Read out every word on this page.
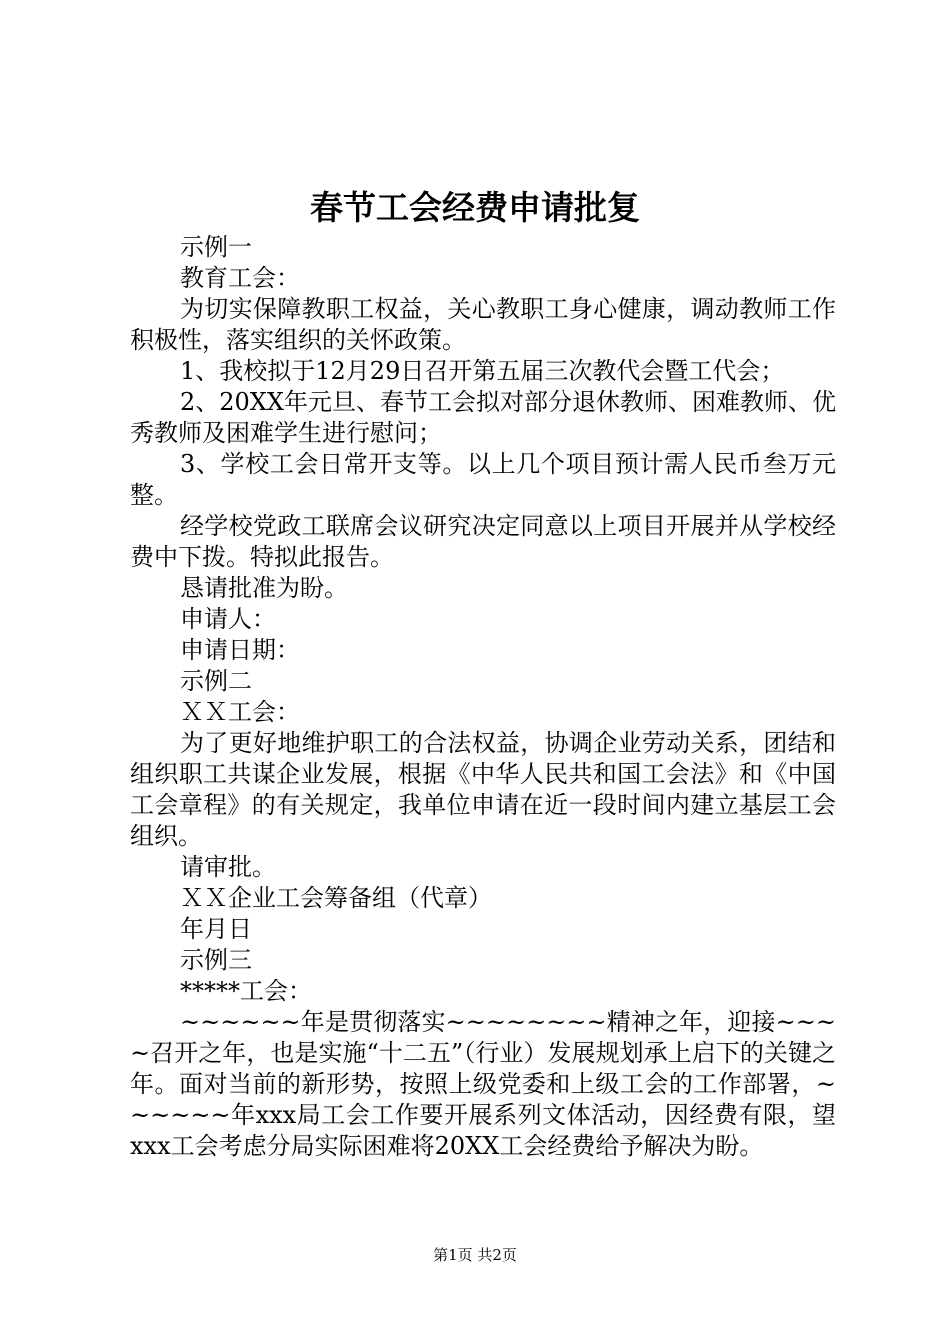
春节工会经费申请批复

示例一

教育工会：

为切实保障教职工权益，关心教职工身心健康，调动教师工作积极性，落实组织的关怀政策。

1、我校拟于12月29日召开第五届三次教代会暨工代会；

2、20XX年元旦、春节工会拟对部分退休教师、困难教师、优秀教师及困难学生进行慰问；

3、学校工会日常开支等。以上几个项目预计需人民币叁万元整。

经学校党政工联席会议研究决定同意以上项目开展并从学校经费中下拨。特拟此报告。

恳请批准为盼。

申请人：

申请日期：

示例二

ＸＸ工会：

为了更好地维护职工的合法权益，协调企业劳动关系，团结和组织职工共谋企业发展，根据《中华人民共和国工会法》和《中国工会章程》的有关规定，我单位申请在近一段时间内建立基层工会组织。

请审批。

ＸＸ企业工会筹备组（代章）

年月日

示例三

*****工会：

~~~~~~年是贯彻落实~~~~~~~~精神之年，迎接~~~~召开之年，也是实施“十二五”（行业）发展规划承上启下的关键之年。面对当前的新形势，按照上级党委和上级工会的工作部署，~~~~~~年xxx局工会工作要开展系列文体活动，因经费有限，望xxx工会考虑分局实际困难将20XX工会经费给予解决为盼。

第1页 共2页
